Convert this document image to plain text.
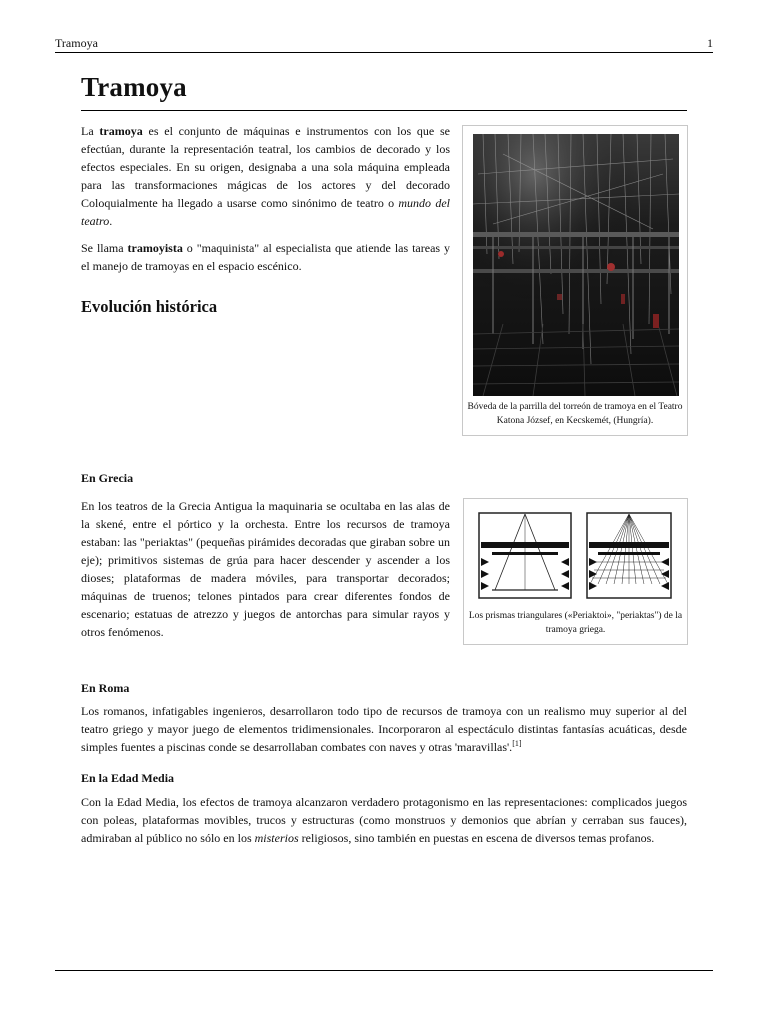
Tramoya	1
Tramoya

La tramoya es el conjunto de máquinas e instrumentos con los que se efectúan, durante la representación teatral, los cambios de decorado y los efectos especiales. En su origen, designaba a una sola máquina empleada para las transformaciones mágicas de los actores y del decorado Coloquialmente ha llegado a usarse como sinónimo de teatro o mundo del teatro.

Se llama tramoyista o "maquinista" al especialista que atiende las tareas y el manejo de tramoyas en el espacio escénico.

Evolución histórica
Bóveda de la parrilla del torreón de tramoya en el Teatro Katona József, en Kecskemét, (Hungría).
En Grecia

En los teatros de la Grecia Antigua la maquinaria se ocultaba en las alas de la skené, entre el pórtico y la orchesta. Entre los recursos de tramoya estaban: las "periaktas" (pequeñas pirámides decoradas que giraban sobre un eje); primitivos sistemas de grúa para hacer descender y ascender a los dioses; plataformas de madera móviles, para transportar decorados; máquinas de truenos; telones pintados para crear diferentes fondos de escenario; estatuas de atrezzo y juegos de antorchas para simular rayos y otros fenómenos.

Los prismas triangulares («Periaktoi», "periaktas") de la tramoya griega.
En Roma

Los romanos, infatigables ingenieros, desarrollaron todo tipo de recursos de tramoya con un realismo muy superior al del teatro griego y mayor juego de elementos tridimensionales. Incorporaron al espectáculo distintas fantasías acuáticas, desde simples fuentes a piscinas conde se desarrollaban combates con naves y otras 'maravillas'.[1]

En la Edad Media

Con la Edad Media, los efectos de tramoya alcanzaron verdadero protagonismo en las representaciones: complicados juegos con poleas, plataformas movibles, trucos y estructuras (como monstruos y demonios que abrían y cerraban sus fauces), admiraban al público no sólo en los misterios religiosos, sino también en puestas en escena de diversos temas profanos.
